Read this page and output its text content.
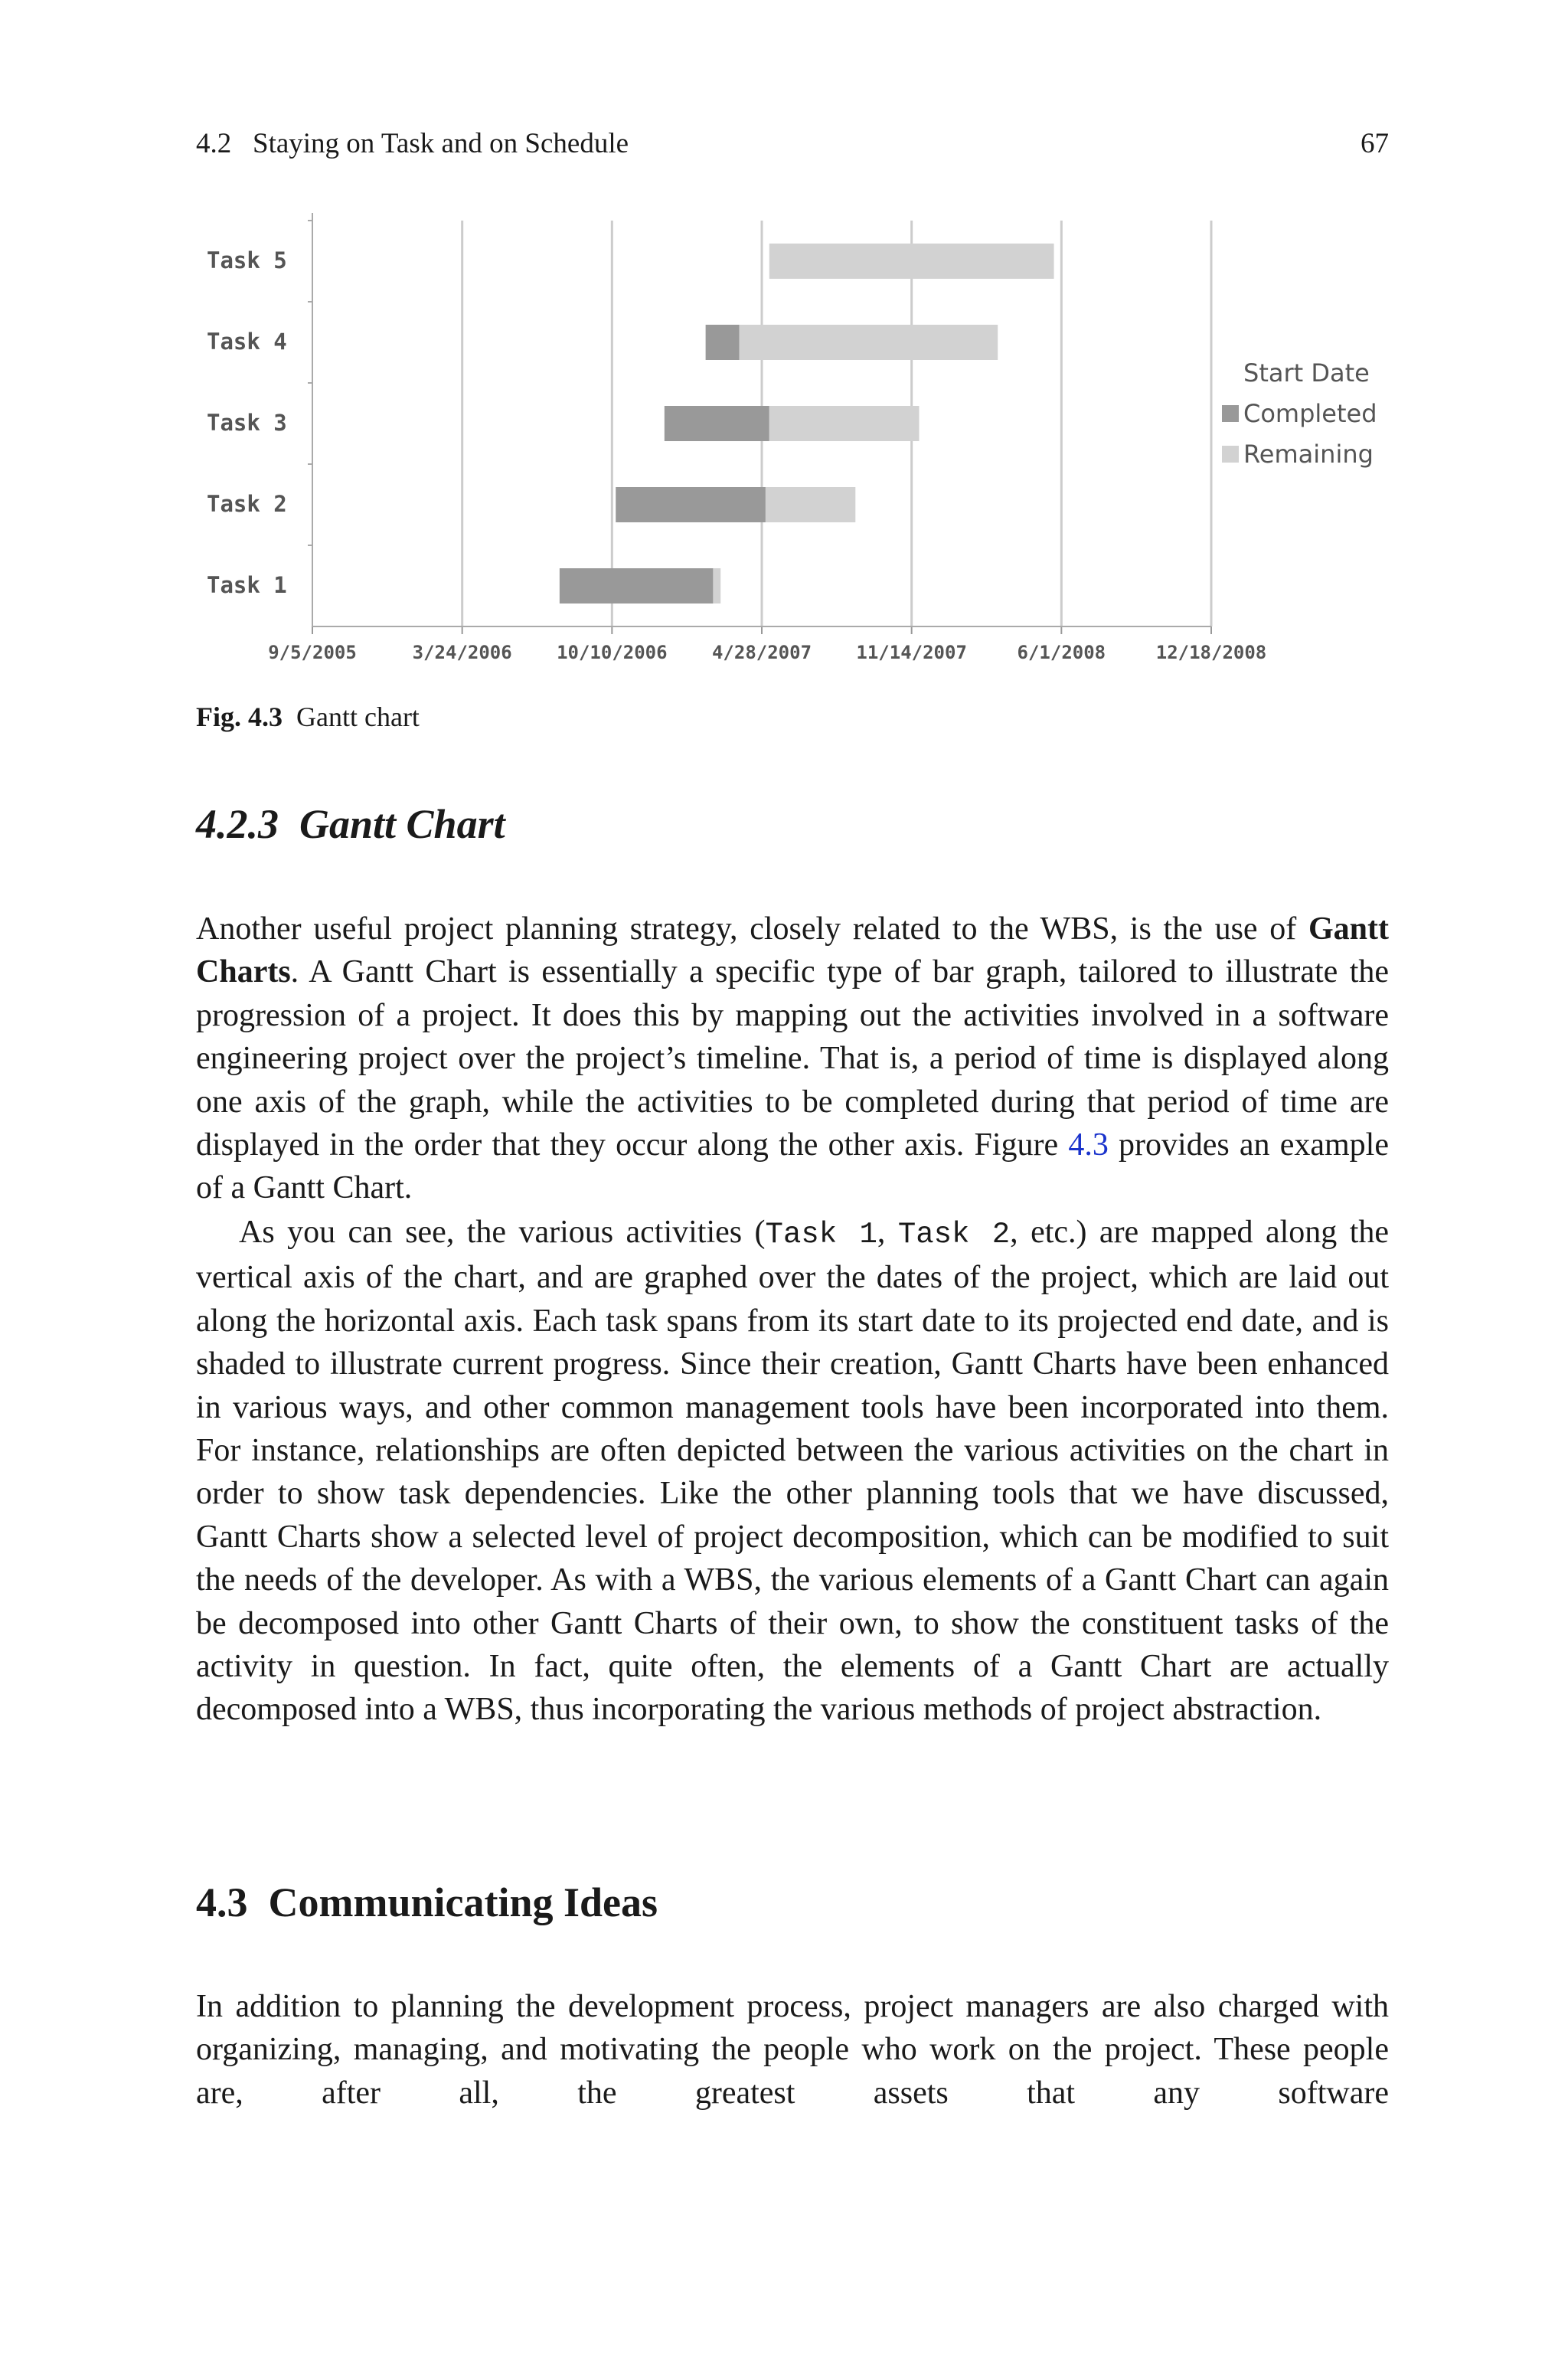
4.2   Staying on Task and on Schedule	67
9/5/2005	3/24/2006 10/10/2006 4/28/2007 11/14/2007	6/1/2008	12/18/2008
Task 1
Task 2
Task 3
Task 4
Task 5
Start Date
Completed
Remaining
Fig. 4.3 Gantt chart
4.2.3  Gantt Chart

Another useful project planning strategy, closely related to the WBS, is the use of Gantt Charts. A Gantt Chart is essentially a specific type of bar graph, tailored to illustrate the progression of a project. It does this by mapping out the activities involved in a software engineering project over the project’s timeline. That is, a period of time is displayed along one axis of the graph, while the activities to be completed during that period of time are displayed in the order that they occur along the other axis. Figure 4.3 provides an example of a Gantt Chart.

As you can see, the various activities (Task 1, Task 2, etc.) are mapped along the vertical axis of the chart, and are graphed over the dates of the project, which are laid out along the horizontal axis. Each task spans from its start date to its projected end date, and is shaded to illustrate current progress. Since their creation, Gantt Charts have been enhanced in various ways, and other common management tools have been incorporated into them. For instance, relationships are often depicted between the various activities on the chart in order to show task dependencies. Like the other planning tools that we have discussed, Gantt Charts show a selected level of project decomposition, which can be modified to suit the needs of the developer. As with a WBS, the various elements of a Gantt Chart can again be decomposed into other Gantt Charts of their own, to show the constituent tasks of the activity in question. In fact, quite often, the elements of a Gantt Chart are actually decomposed into a WBS, thus incorporating the various methods of project abstraction.

4.3  Communicating Ideas

In addition to planning the development process, project managers are also charged with organizing, managing, and motivating the people who work on the project. These people are, after all, the greatest assets that any software
